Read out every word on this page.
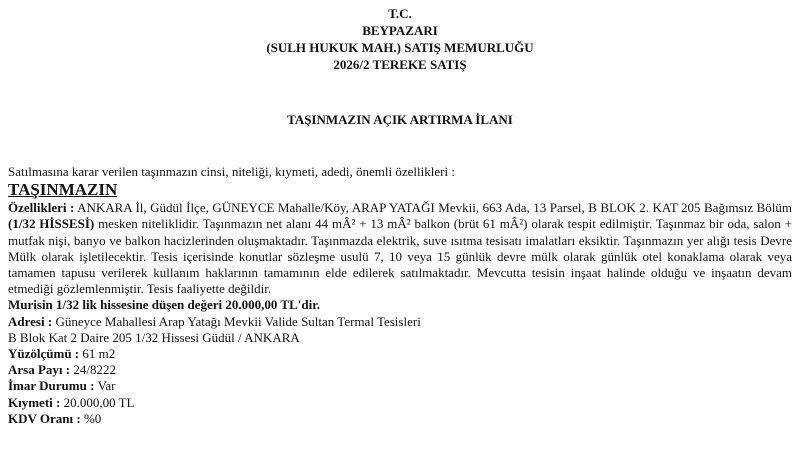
T.C.
BEYPAZARI
(SULH HUKUK MAH.) SATIŞ MEMURLUĞU
2026/2 TEREKE SATIŞ
TAŞINMAZIN AÇIK ARTIRMA İLANI
Satılmasına karar verilen taşınmazın cinsi, niteliği, kıymeti, adedi, önemli özellikleri :
TAŞINMAZIN
Özellikleri : ANKARA İl, Güdül İlçe, GÜNEYCE Mahalle/Köy, ARAP YATAĞI Mevkii, 663 Ada, 13 Parsel, B BLOK 2. KAT 205 Bağımsız Bölüm (1/32 HİSSESİ) mesken niteliklidir. Taşınmazın net alanı 44 mÂ² + 13 mÂ² balkon (brüt 61 mÂ²) olarak tespit edilmiştir. Taşınmaz bir oda, salon + mutfak nişi, banyo ve balkon hacizlerinden oluşmaktadır. Taşınmazda elektrik, suve ısıtma tesisatı imalatları eksiktir. Taşınmazın yer alığı tesis Devre Mülk olarak işletilecektir. Tesis içerisinde konutlar sözleşme usulü 7, 10 veya 15 günlük devre mülk olarak günlük otel konaklama olarak veya tamamen tapusu verilerek kullanım haklarının tamamının elde edilerek satılmaktadır. Mevcutta tesisin inşaat halinde olduğu ve inşaatın devam etmediği gözlemlenmiştir. Tesis faaliyette değildir.
Murisin 1/32 lik hissesine düşen değeri 20.000,00 TL'dir.
Adresi : Güneyce Mahallesi Arap Yatağı Mevkii Valide Sultan Termal Tesisleri
B Blok Kat 2 Daire 205 1/32 Hissesi Güdül / ANKARA
Yüzölçümü : 61 m2
Arsa Payı : 24/8222
İmar Durumu : Var
Kıymeti : 20.000,00 TL
KDV Oranı : %0
